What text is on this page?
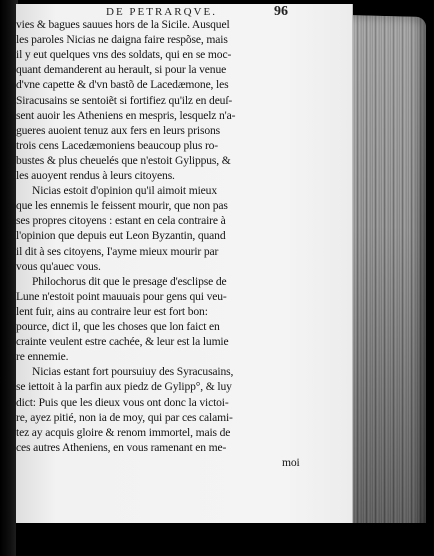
DE PETRARQVE.	96
vies & bagues sauues hors de la Sicile. Ausquel
les paroles Nicias ne daigna faire respõse, mais
il y eut quelques vns des soldats, qui en se moc-
quant demanderent au herault, si pour la venue
d'vne capette & d'vn bastõ de Lacedæmone, les
Siracusains se sentoiẽt si fortifiez qu'ilz en deuſ-
sent auoir les Atheniens en mespris, lesquelz n'a-
gueres auoient tenuz aux fers en leurs prisons
trois cens Lacedæmoniens beaucoup plus ro-
bustes & plus cheuelés que n'estoit Gylippus, &
les auoyent rendus à leurs citoyens.
Nicias estoit d'opinion qu'il aimoit mieux
que les ennemis le feissent mourir, que non pas
ses propres citoyens : estant en cela contraire à
l'opinion que depuis eut Leon Byzantin, quand
il dit à ses citoyens, I'ayme mieux mourir par
vous qu'auec vous.
Philochorus dit que le presage d'esclipse de
Lune n'estoit point mauuais pour gens qui veu-
lent fuir, ains au contraire leur est fort bon:
pource, dict il, que les choses que lon faict en
crainte veulent estre cachée, & leur est la lumie
re ennemie.
Nicias estant fort poursuiuy des Syracusains,
se iettoit à la parfin aux piedz de Gylipp°, & luy
dict: Puis que les dieux vous ont donc la victoi-
re, ayez pitié, non ia de moy, qui par ces calami-
tez ay acquis gloire & renom immortel, mais de
ces autres Atheniens, en vous ramenant en me-
moi
